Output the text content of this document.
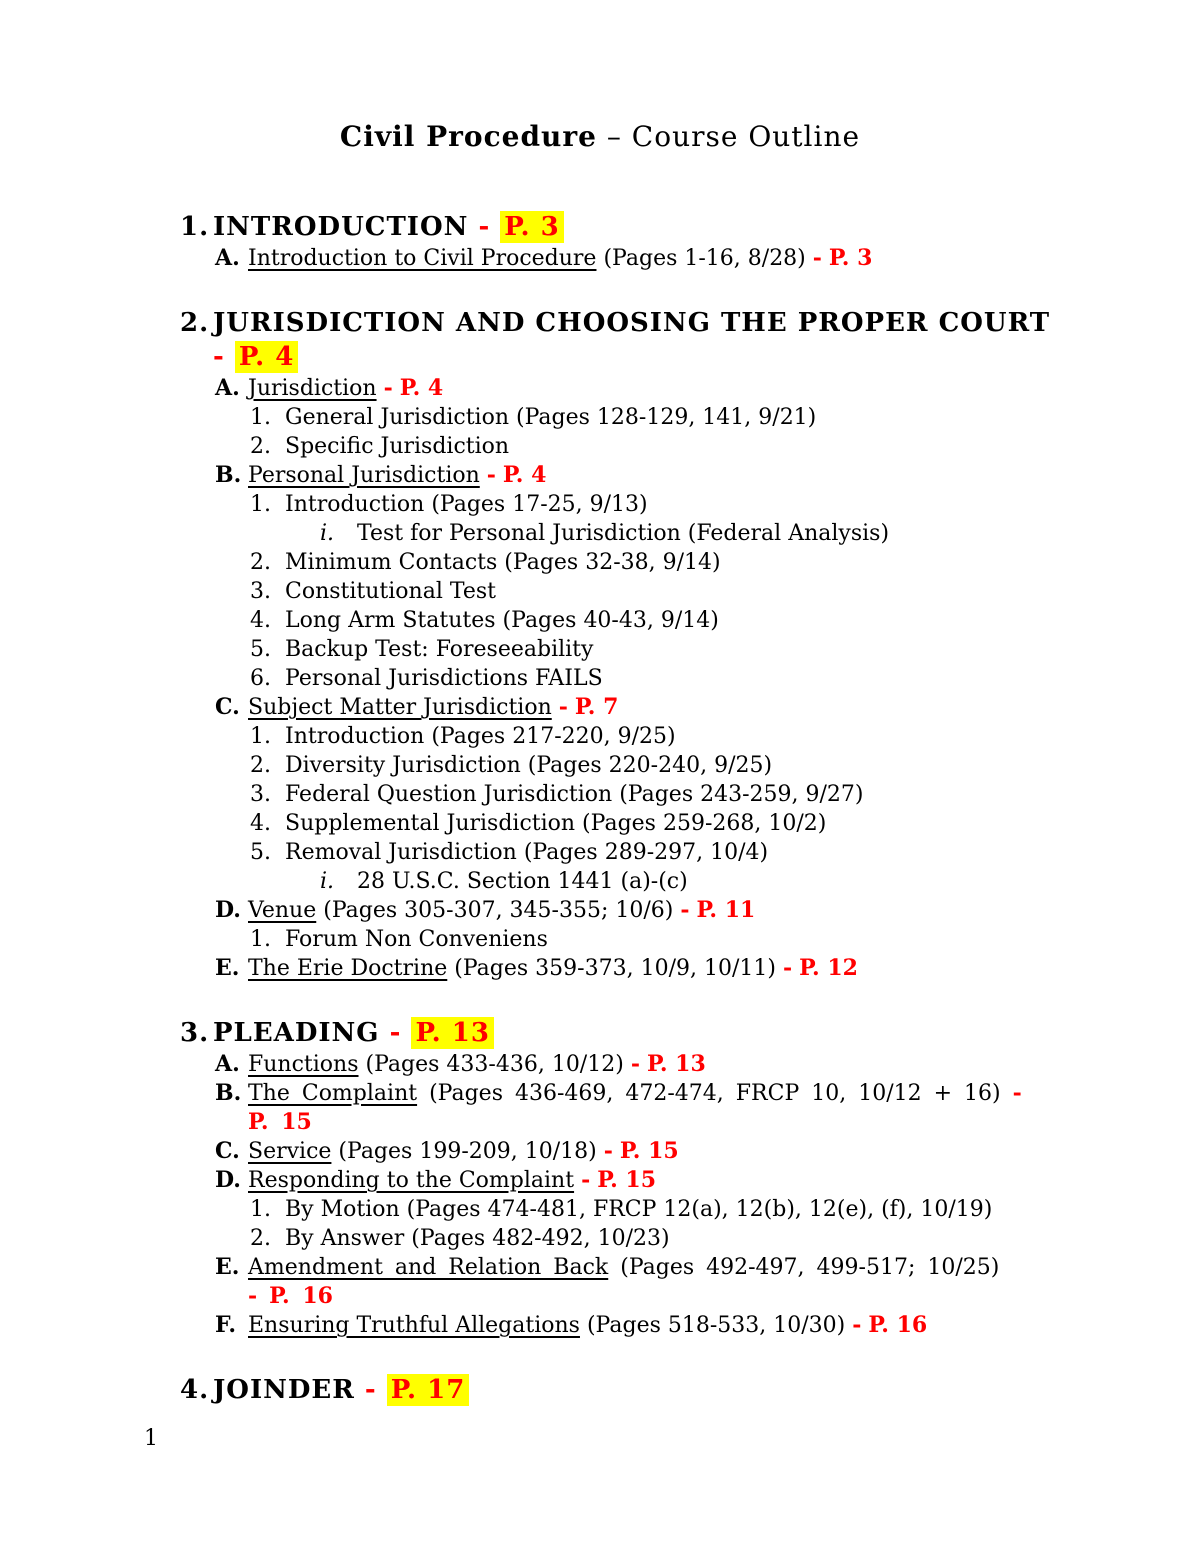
Civil Procedure – Course Outline
1. INTRODUCTION - P. 3
A. Introduction to Civil Procedure (Pages 1-16, 8/28) - P. 3
2. JURISDICTION AND CHOOSING THE PROPER COURT
- P. 4
A. Jurisdiction - P. 4
1. General Jurisdiction (Pages 128-129, 141, 9/21)
2. Specific Jurisdiction
B. Personal Jurisdiction - P. 4
1. Introduction (Pages 17-25, 9/13)
i.	Test for Personal Jurisdiction (Federal Analysis)
2. Minimum Contacts (Pages 32-38, 9/14)
3. Constitutional Test
4. Long Arm Statutes (Pages 40-43, 9/14)
5. Backup Test: Foreseeability
6. Personal Jurisdictions FAILS
C. Subject Matter Jurisdiction - P. 7
1. Introduction (Pages 217-220, 9/25)
2. Diversity Jurisdiction (Pages 220-240, 9/25)
3. Federal Question Jurisdiction (Pages 243-259, 9/27)
4. Supplemental Jurisdiction (Pages 259-268, 10/2)
5. Removal Jurisdiction (Pages 289-297, 10/4)
i.	28 U.S.C. Section 1441 (a)-(c)
D. Venue (Pages 305-307, 345-355; 10/6) - P. 11
1. Forum Non Conveniens
E. The Erie Doctrine (Pages 359-373, 10/9, 10/11) - P. 12
3. PLEADING - P. 13
A. Functions (Pages 433-436, 10/12) - P. 13
B. The Complaint (Pages 436-469, 472-474, FRCP 10, 10/12 + 16) -
P. 15
C. Service (Pages 199-209, 10/18) - P. 15
D. Responding to the Complaint - P. 15
1. By Motion (Pages 474-481, FRCP 12(a), 12(b), 12(e), (f), 10/19)
2. By Answer (Pages 482-492, 10/23)
E. Amendment and Relation Back (Pages 492-497, 499-517; 10/25)
- P. 16
F. Ensuring Truthful Allegations (Pages 518-533, 10/30) - P. 16
4. JOINDER - P. 17
1
